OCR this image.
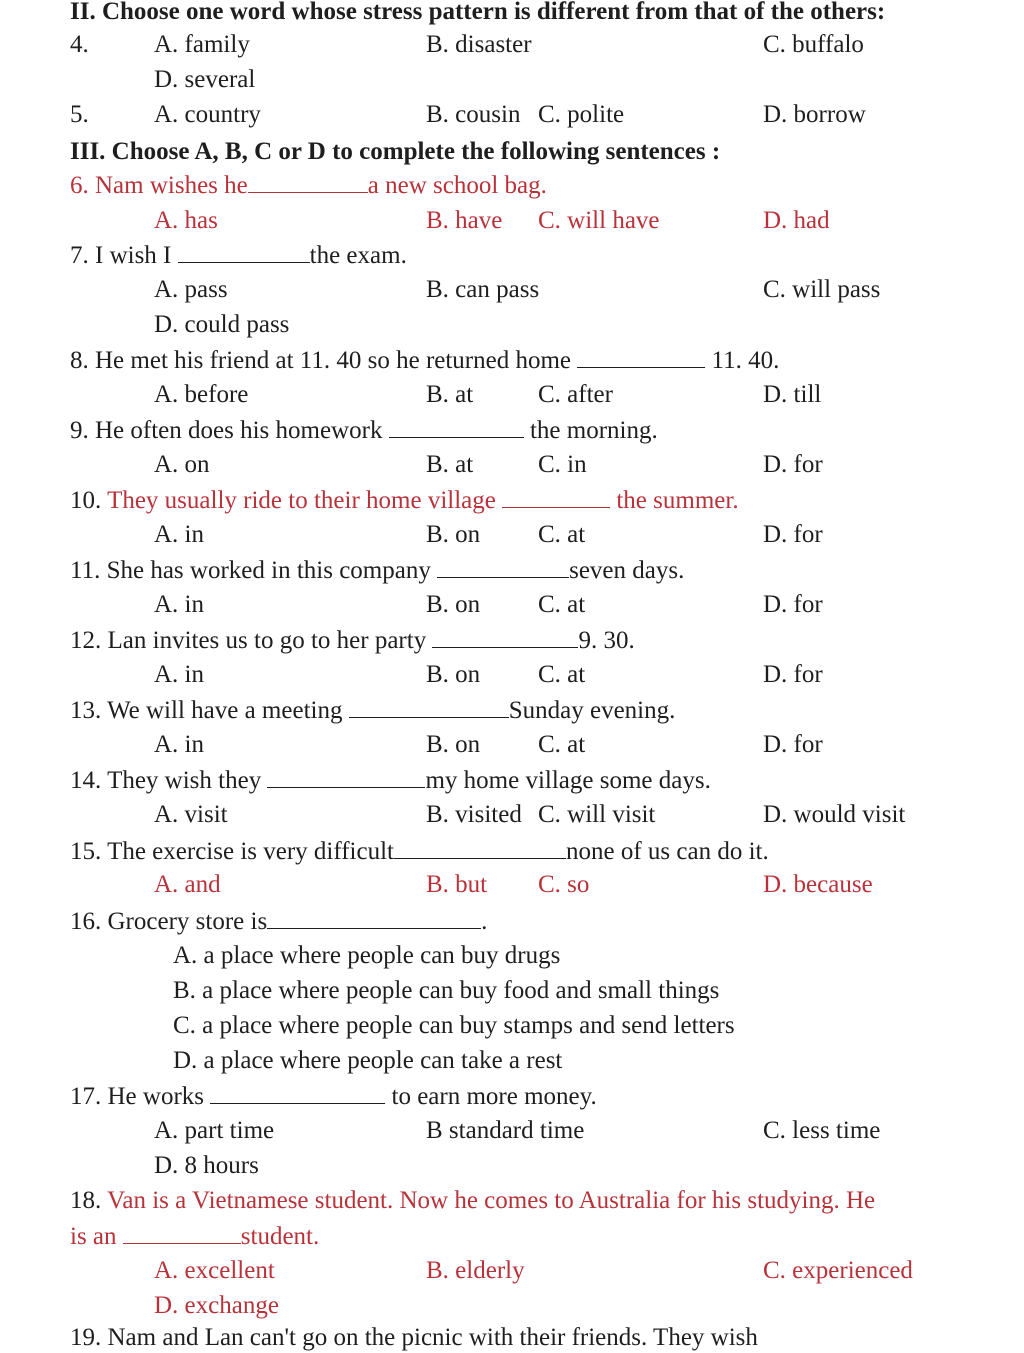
II. Choose one word whose stress pattern is different from that of the others:
4.	A. family	B. disaster	C. buffalo
D. several
5.	A. country	B. cousin C. polite	D. borrow
III. Choose A, B, C or D to complete the following sentences :
6. Nam wishes he	a new school bag.
A. has	B. have C. will have	D. had
7. I wish I	the exam.
A. pass	B. can pass	C. will pass
D. could pass
8. He met his friend at 11. 40 so he returned home	11. 40.
A. before	B. at	C. after	D. till
9. He often does his homework	the morning.
A. on	B. at	C. in	D. for
10. They usually ride to their home village	the summer.
A. in	B. on C. at	D. for
11. She has worked in this company	seven days.
A. in	B. on C. at	D. for
12. Lan invites us to go to her party	9. 30.
A. in	B. on C. at	D. for
13. We will have a meeting	Sunday evening.
A. in	B. on C. at	D. for
14. They wish they	my home village some days.
A. visit	B. visited C. will visit	D. would visit
15. The exercise is very difficult	none of us can do it.
A. and	B. but C. so	D. because
16. Grocery store is	.
A. a place where people can buy drugs
B. a place where people can buy food and small things
C. a place where people can buy stamps and send letters
D. a place where people can take a rest
17. He works	to earn more money.
A. part time	B standard time	C. less time
D. 8 hours
18. Van is a Vietnamese student. Now he comes to Australia for his studying. He
is an	student.
A. excellent	B. elderly	C. experienced
D. exchange
19. Nam and Lan can't go on the picnic with their friends. They wish
